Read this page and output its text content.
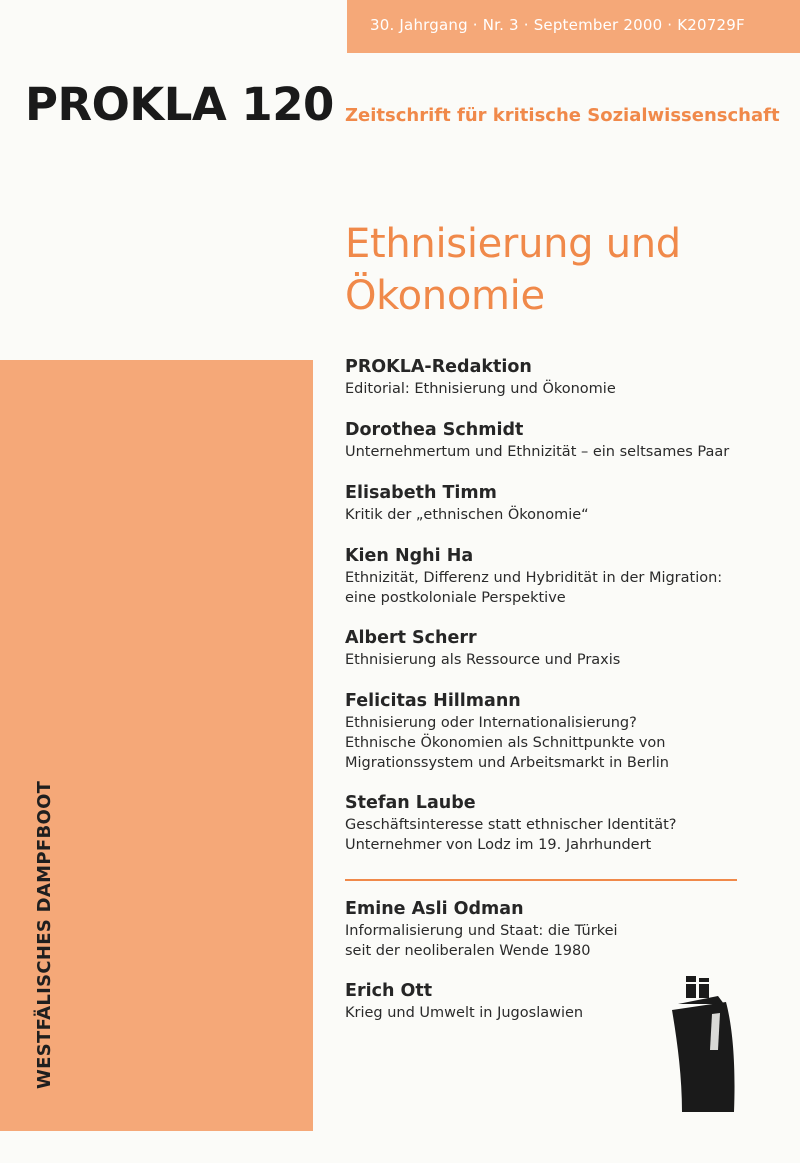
30. Jahrgang · Nr. 3 · September 2000 · K20729F
PROKLA 120 Zeitschrift für kritische Sozialwissenschaft
Ethnisierung und
Ökonomie
WESTFÄLISCHES DAMPFBOOT
PROKLA-Redaktion
Editorial: Ethnisierung und Ökonomie
Dorothea Schmidt
Unternehmertum und Ethnizität – ein seltsames Paar
Elisabeth Timm
Kritik der „ethnischen Ökonomie“
Kien Nghi Ha
Ethnizität, Differenz und Hybridität in der Migration:
eine postkoloniale Perspektive
Albert Scherr
Ethnisierung als Ressource und Praxis
Felicitas Hillmann
Ethnisierung oder Internationalisierung?
Ethnische Ökonomien als Schnittpunkte von
Migrationssystem und Arbeitsmarkt in Berlin
Stefan Laube
Geschäftsinteresse statt ethnischer Identität?
Unternehmer von Lodz im 19. Jahrhundert
Emine Asli Odman
Informalisierung und Staat: die Türkei
seit der neoliberalen Wende 1980
Erich Ott
Krieg und Umwelt in Jugoslawien
